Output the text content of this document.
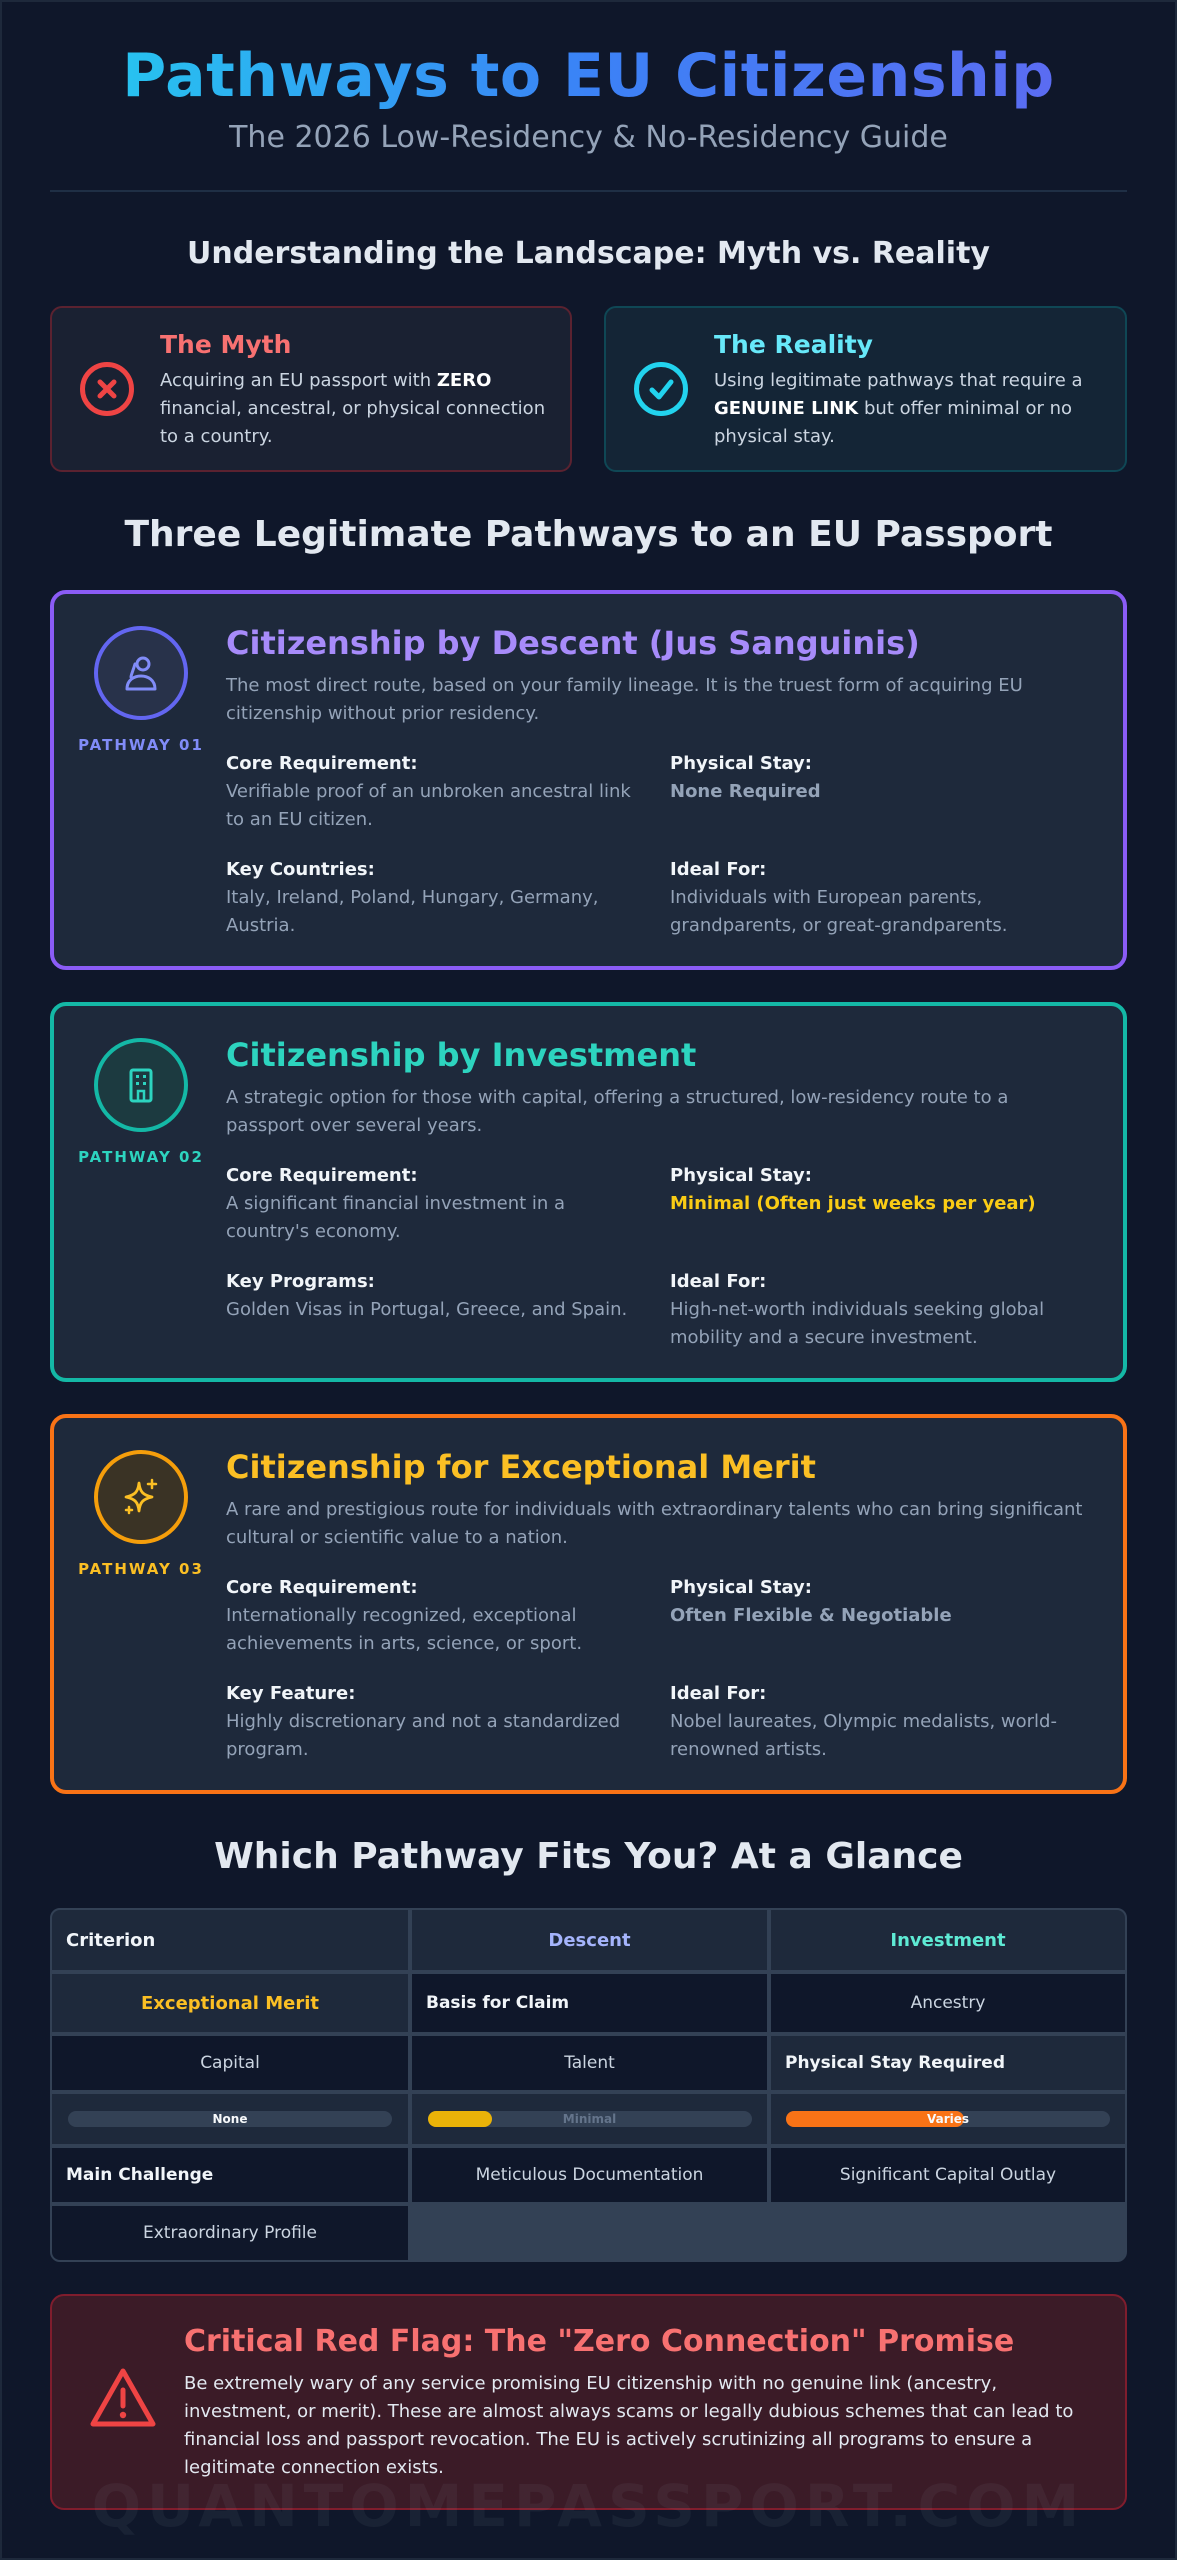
Pathways to EU Citizenship
The 2026 Low-Residency & No-Residency Guide
Understanding the Landscape: Myth vs. Reality
The Myth

Acquiring an EU passport with ZERO financial, ancestral, or physical connection to a country.

The Reality

Using legitimate pathways that require a GENUINE LINK but offer minimal or no physical stay.

Three Legitimate Pathways to an EU Passport
PATHWAY 01
Citizenship by Descent (Jus Sanguinis)
The most direct route, based on your family lineage. It is the truest form of acquiring EU citizenship without prior residency.
Core Requirement:
Verifiable proof of an unbroken ancestral link to an EU citizen.
Physical Stay:
None Required
Key Countries:
Italy, Ireland, Poland, Hungary, Germany, Austria.
Ideal For:
Individuals with European parents, grandparents, or great-grandparents.
PATHWAY 02
Citizenship by Investment
A strategic option for those with capital, offering a structured, low-residency route to a passport over several years.
Core Requirement:
A significant financial investment in a country's economy.
Physical Stay:
Minimal (Often just weeks per year)
Key Programs:
Golden Visas in Portugal, Greece, and Spain.
Ideal For:
High-net-worth individuals seeking global mobility and a secure investment.
PATHWAY 03
Citizenship for Exceptional Merit
A rare and prestigious route for individuals with extraordinary talents who can bring significant cultural or scientific value to a nation.
Core Requirement:
Internationally recognized, exceptional achievements in arts, science, or sport.
Physical Stay:
Often Flexible & Negotiable
Key Feature:
Highly discretionary and not a standardized program.
Ideal For:
Nobel laureates, Olympic medalists, world-renowned artists.
Which Pathway Fits You? At a Glance
Criterion	Descent	Investment
Exceptional Merit	Basis for Claim	Ancestry
Capital	Talent	Physical Stay Required
None	Minimal	Varies
Main Challenge	Meticulous Documentation	Significant Capital Outlay
Extraordinary Profile
Critical Red Flag: The "Zero Connection" Promise

Be extremely wary of any service promising EU citizenship with no genuine link (ancestry, investment, or merit). These are almost always scams or legally dubious schemes that can lead to financial loss and passport revocation. The EU is actively scrutinizing all programs to ensure a legitimate connection exists.

QUANTOMEPASSPORT.COM
